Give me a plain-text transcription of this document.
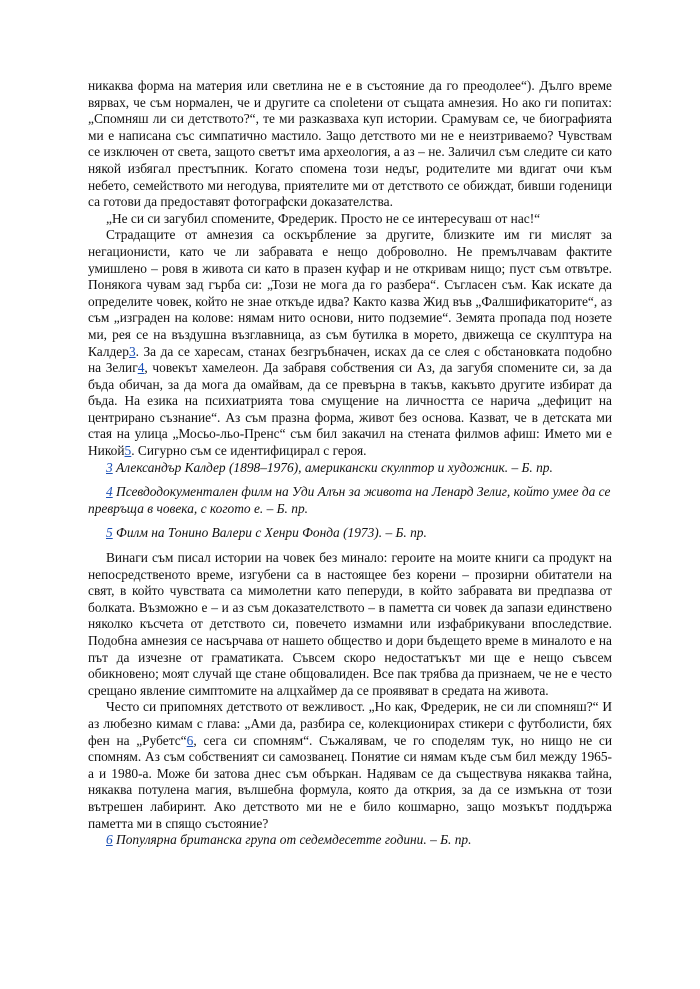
никаква форма на материя или светлина не е в състояние да го преодолее“). Дълго време вярвах, че съм нормален, че и другите са споletени от същата амнезия. Но ако ги попитах: „Спомняш ли си детството?“, те ми разказваха куп истории. Срамувам се, че биографията ми е написана със симпатично мастило. Защо детството ми не е неизтриваемо? Чувствам се изключен от света, защото светът има археология, а аз – не. Заличил съм следите си като някой избягал престъпник. Когато спомена този недъг, родителите ми вдигат очи към небето, семейството ми негодува, приятелите ми от детството се обиждат, бивши годеници са готови да предоставят фотографски доказателства.

„Не си си загубил спомените, Фредерик. Просто не се интересуваш от нас!“

Страдащите от амнезия са оскърбление за другите, близките им ги мислят за негационисти, като че ли забравата е нещо доброволно. Не премълчавам фактите умишлено – ровя в живота си като в празен куфар и не откривам нищо; пуст съм отвътре. Понякога чувам зад гърба си: „Този не мога да го разбера“. Съгласен съм. Как искате да определите човек, който не знае откъде идва? Както казва Жид във „Фалшификаторите“, аз съм „изграден на колове: нямам нито основи, нито подземие“. Земята пропада под нозете ми, рея се на въздушна възглавница, аз съм бутилка в морето, движеща се скулптура на Калдер3. За да се харесам, станах безгръбначен, исках да се слея с обстановката подобно на Зелиг4, човекът хамелеон. Да забравя собствения си Аз, да загубя спомените си, за да бъда обичан, за да мога да омайвам, да се превърна в такъв, какъвто другите избират да бъда. На езика на психиатрията това смущение на личността се нарича „дефицит на центрирано съзнание“. Аз съм празна форма, живот без основа. Казват, че в детската ми стая на улица „Мосьо-льо-Пренс“ съм бил закачил на стената филмов афиш: Името ми е Никой5. Сигурно съм се идентифицирал с героя.

3 Александър Калдер (1898–1976), американски скулптор и художник. – Б. пр.

4 Псевдодокументален филм на Уди Алън за живота на Ленард Зелиг, който умее да се превръща в човека, с когото е. – Б. пр.

5 Филм на Тонино Валери с Хенри Фонда (1973). – Б. пр.

Винаги съм писал истории на човек без минало: героите на моите книги са продукт на непосредственото време, изгубени са в настоящее без корени – прозирни обитатели на свят, в който чувствата са мимолетни като пеперуди, в който забравата ви предпазва от болката. Възможно е – и аз съм доказателството – в паметта си човек да запази единствено няколко късчета от детството си, повечето измамни или изфабрикувани впоследствие. Подобна амнезия се насърчава от нашето общество и дори бъдещето време в миналото е на път да изчезне от граматиката. Съвсем скоро недостатъкът ми ще е нещо съвсем обикновено; моят случай ще стане общовалиден. Все пак трябва да признаем, че не е често срещано явление симптомите на алцхаймер да се проявяват в средата на живота.

Често си припомнях детството от вежливост. „Но как, Фредерик, не си ли спомняш?“ И аз любезно кимам с глава: „Ами да, разбира се, колекционирах стикери с футболисти, бях фен на „Рубетс“6, сега си спомням“. Съжалявам, че го споделям тук, но нищо не си спомням. Аз съм собственият си самозванец. Понятие си нямам къде съм бил между 1965-а и 1980-а. Може би затова днес съм объркан. Надявам се да съществува някаква тайна, някаква потулена магия, вълшебна формула, която да открия, за да се измъкна от този вътрешен лабиринт. Ако детството ми не е било кошмарно, защо мозъкът поддържа паметта ми в спящо състояние?

6 Популярна британска група от седемдесетте години. – Б. пр.
